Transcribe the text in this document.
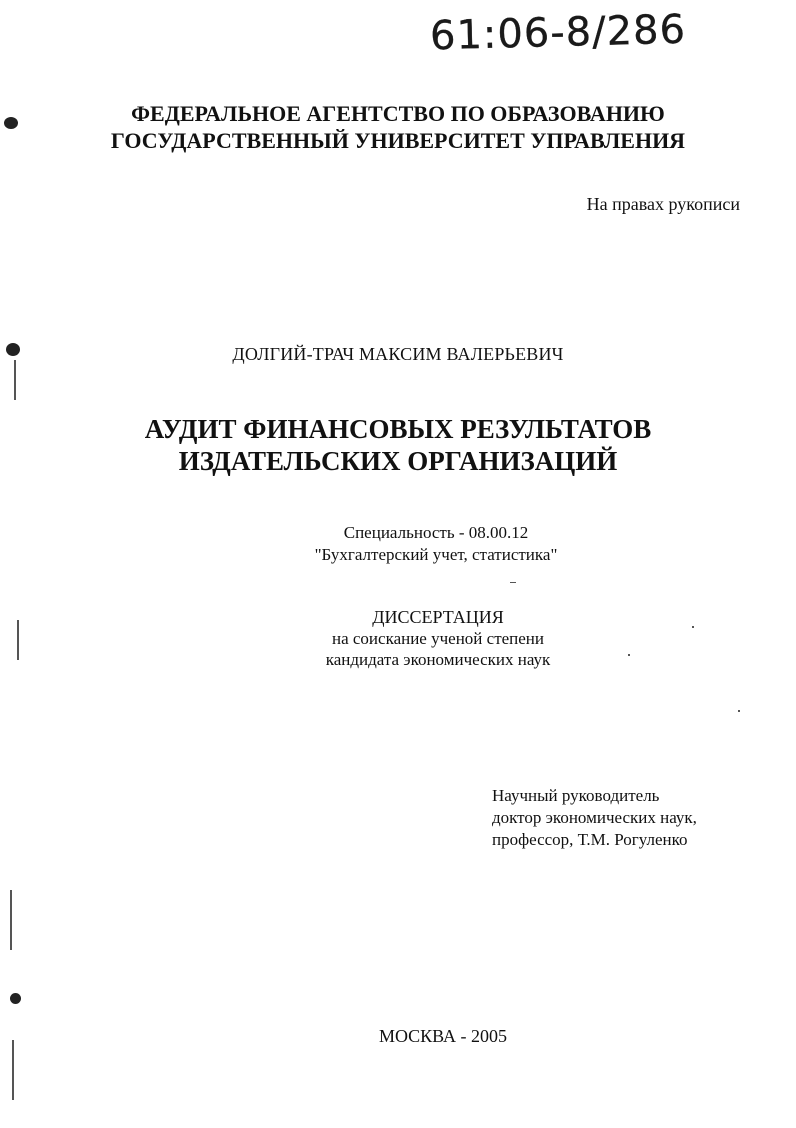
61:06-8/286
ФЕДЕРАЛЬНОЕ АГЕНТСТВО ПО ОБРАЗОВАНИЮ
ГОСУДАРСТВЕННЫЙ УНИВЕРСИТЕТ УПРАВЛЕНИЯ
На правах рукописи
ДОЛГИЙ-ТРАЧ МАКСИМ ВАЛЕРЬЕВИЧ
АУДИТ ФИНАНСОВЫХ РЕЗУЛЬТАТОВ
ИЗДАТЕЛЬСКИХ ОРГАНИЗАЦИЙ
Специальность - 08.00.12
"Бухгалтерский учет, статистика"
ДИССЕРТАЦИЯ
на соискание ученой степени
кандидата экономических наук
Научный руководитель
доктор экономических наук,
профессор, Т.М. Рогуленко
МОСКВА - 2005
